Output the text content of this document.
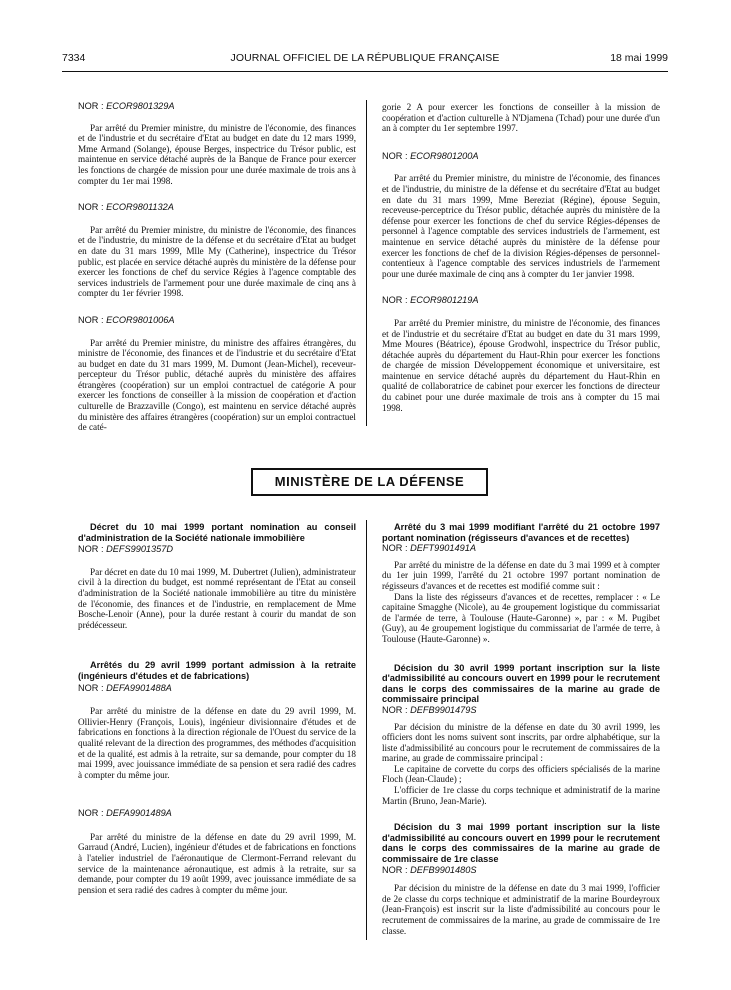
7334	JOURNAL OFFICIEL DE LA RÉPUBLIQUE FRANÇAISE	18 mai 1999

NOR : ECOR9801329A

Par arrêté du Premier ministre, du ministre de l'économie, des finances et de l'industrie et du secrétaire d'Etat au budget en date du 12 mars 1999, Mme Armand (Solange), épouse Berges, inspectrice du Trésor public, est maintenue en service détaché auprès de la Banque de France pour exercer les fonctions de chargée de mission pour une durée maximale de trois ans à compter du 1er mai 1998.

NOR : ECOR9801132A

Par arrêté du Premier ministre, du ministre de l'économie, des finances et de l'industrie, du ministre de la défense et du secrétaire d'Etat au budget en date du 31 mars 1999, Mlle My (Catherine), inspectrice du Trésor public, est placée en service détaché auprès du ministère de la défense pour exercer les fonctions de chef du service Régies à l'agence comptable des services industriels de l'armement pour une durée maximale de cinq ans à compter du 1er février 1998.

NOR : ECOR9801006A

Par arrêté du Premier ministre, du ministre des affaires étrangères, du ministre de l'économie, des finances et de l'industrie et du secrétaire d'Etat au budget en date du 31 mars 1999, M. Dumont (Jean-Michel), receveur-percepteur du Trésor public, détaché auprès du ministère des affaires étrangères (coopération) sur un emploi contractuel de catégorie A pour exercer les fonctions de conseiller à la mission de coopération et d'action culturelle de Brazzaville (Congo), est maintenu en service détaché auprès du ministère des affaires étrangères (coopération) sur un emploi contractuel de caté-

gorie 2 A pour exercer les fonctions de conseiller à la mission de coopération et d'action culturelle à N'Djamena (Tchad) pour une durée d'un an à compter du 1er septembre 1997.

NOR : ECOR9801200A

Par arrêté du Premier ministre, du ministre de l'économie, des finances et de l'industrie, du ministre de la défense et du secrétaire d'Etat au budget en date du 31 mars 1999, Mme Bereziat (Régine), épouse Seguin, receveuse-perceptrice du Trésor public, détachée auprès du ministère de la défense pour exercer les fonctions de chef du service Régies-dépenses de personnel à l'agence comptable des services industriels de l'armement, est maintenue en service détaché auprès du ministère de la défense pour exercer les fonctions de chef de la division Régies-dépenses de personnel-contentieux à l'agence comptable des services industriels de l'armement pour une durée maximale de cinq ans à compter du 1er janvier 1998.

NOR : ECOR9801219A

Par arrêté du Premier ministre, du ministre de l'économie, des finances et de l'industrie et du secrétaire d'Etat au budget en date du 31 mars 1999, Mme Moures (Béatrice), épouse Grodwohl, inspectrice du Trésor public, détachée auprès du département du Haut-Rhin pour exercer les fonctions de chargée de mission Développement économique et universitaire, est maintenue en service détaché auprès du département du Haut-Rhin en qualité de collaboratrice de cabinet pour exercer les fonctions de directeur du cabinet pour une durée maximale de trois ans à compter du 15 mai 1998.

MINISTÈRE DE LA DÉFENSE

Décret du 10 mai 1999 portant nomination au conseil d'administration de la Société nationale immobilière

NOR : DEFS9901357D

Par décret en date du 10 mai 1999, M. Dubertret (Julien), administrateur civil à la direction du budget, est nommé représentant de l'Etat au conseil d'administration de la Société nationale immobilière au titre du ministère de l'économie, des finances et de l'industrie, en remplacement de Mme Bosche-Lenoir (Anne), pour la durée restant à courir du mandat de son prédécesseur.

Arrêtés du 29 avril 1999 portant admission à la retraite (ingénieurs d'études et de fabrications)

NOR : DEFA9901488A

Par arrêté du ministre de la défense en date du 29 avril 1999, M. Ollivier-Henry (François, Louis), ingénieur divisionnaire d'études et de fabrications en fonctions à la direction régionale de l'Ouest du service de la qualité relevant de la direction des programmes, des méthodes d'acquisition et de la qualité, est admis à la retraite, sur sa demande, pour compter du 18 mai 1999, avec jouissance immédiate de sa pension et sera radié des cadres à compter du même jour.

NOR : DEFA9901489A

Par arrêté du ministre de la défense en date du 29 avril 1999, M. Garraud (André, Lucien), ingénieur d'études et de fabrications en fonctions à l'atelier industriel de l'aéronautique de Clermont-Ferrand relevant du service de la maintenance aéronautique, est admis à la retraite, sur sa demande, pour compter du 19 août 1999, avec jouissance immédiate de sa pension et sera radié des cadres à compter du même jour.

Arrêté du 3 mai 1999 modifiant l'arrêté du 21 octobre 1997 portant nomination (régisseurs d'avances et de recettes)

NOR : DEFT9901491A

Par arrêté du ministre de la défense en date du 3 mai 1999 et à compter du 1er juin 1999, l'arrêté du 21 octobre 1997 portant nomination de régisseurs d'avances et de recettes est modifié comme suit :

Dans la liste des régisseurs d'avances et de recettes, remplacer : « Le capitaine Smagghe (Nicole), au 4e groupement logistique du commissariat de l'armée de terre, à Toulouse (Haute-Garonne) », par : « M. Pugibet (Guy), au 4e groupement logistique du commissariat de l'armée de terre, à Toulouse (Haute-Garonne) ».

Décision du 30 avril 1999 portant inscription sur la liste d'admissibilité au concours ouvert en 1999 pour le recrutement dans le corps des commissaires de la marine au grade de commissaire principal

NOR : DEFB9901479S

Par décision du ministre de la défense en date du 30 avril 1999, les officiers dont les noms suivent sont inscrits, par ordre alphabétique, sur la liste d'admissibilité au concours pour le recrutement de commissaires de la marine, au grade de commissaire principal :

Le capitaine de corvette du corps des officiers spécialisés de la marine Floch (Jean-Claude) ;

L'officier de 1re classe du corps technique et administratif de la marine Martin (Bruno, Jean-Marie).

Décision du 3 mai 1999 portant inscription sur la liste d'admissibilité au concours ouvert en 1999 pour le recrutement dans le corps des commissaires de la marine au grade de commissaire de 1re classe

NOR : DEFB9901480S

Par décision du ministre de la défense en date du 3 mai 1999, l'officier de 2e classe du corps technique et administratif de la marine Bourdeyroux (Jean-François) est inscrit sur la liste d'admissibilité au concours pour le recrutement de commissaires de la marine, au grade de commissaire de 1re classe.
